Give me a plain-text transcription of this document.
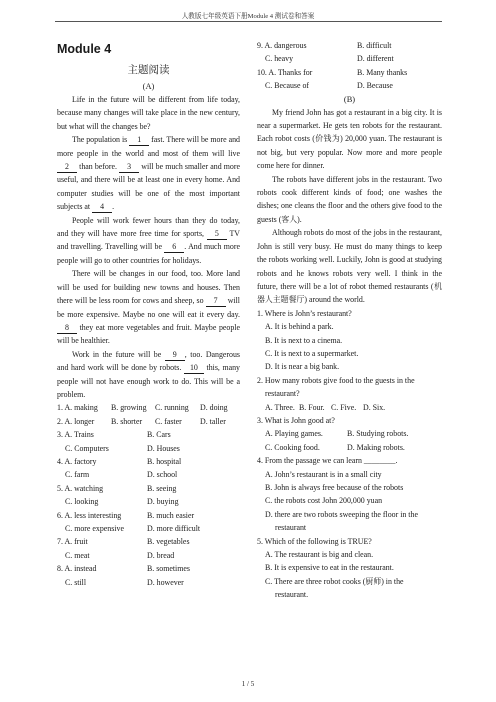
人教版七年级英语下册Module 4 测试卷和答案
Module 4
主题阅读
(A)

Life in the future will be different from life today, because many changes will take place in the new century, but what will the changes be?

The population is 1 fast. There will be more and more people in the world and most of them will live 2 than before. 3 will be much smaller and more useful, and there will be at least one in every home. And computer studies will be one of the most important subjects at 4 .

People will work fewer hours than they do today, and they will have more free time for sports, 5 TV and travelling. Travelling will be 6 . And much more people will go to other countries for holidays.

There will be changes in our food, too. More land will be used for building new towns and houses. Then there will be less room for cows and sheep, so 7 will be more expensive. Maybe no one will eat it every day. 8 they eat more vegetables and fruit. Maybe people will be healthier.

Work in the future will be 9 , too. Dangerous and hard work will be done by robots. 10 this, many people will not have enough work to do. This will be a problem.

1. A. making	B. growing	C. running	D. doing
2. A. longer	B. shorter	C. faster	D. taller
3. A. Trains	B. Cars
C. Computers	D. Houses
4. A. factory	B. hospital
C. farm	D. school
5. A. watching	B. seeing
C. looking	D. buying
6. A. less interesting	B. much easier
C. more expensive	D. more difficult
7. A. fruit	B. vegetables
C. meat	D. bread
8. A. instead	B. sometimes
C. still	D. however
9. A. dangerous	B. difficult
C. heavy	D. different
10. A. Thanks for	B. Many thanks
C. Because of	D. Because
(B)

My friend John has got a restaurant in a big city. It is near a supermarket. He gets ten robots for the restaurant. Each robot costs (价钱为) 20,000 yuan. The restaurant is not big, but very popular. Now more and more people come here for dinner.

The robots have different jobs in the restaurant. Two robots cook different kinds of food; one washes the dishes; one cleans the floor and the others give food to the guests (客人).

Although robots do most of the jobs in the restaurant, John is still very busy. He must do many things to keep the robots working well. Luckily, John is good at studying robots and he knows robots very well. I think in the future, there will be a lot of robot themed restaurants (机器人主题餐厅) around the world.

1. Where is John’s restaurant?

A. It is behind a park.

B. It is next to a cinema.

C. It is next to a supermarket.

D. It is near a big bank.

2. How many robots give food to the guests in the

restaurant?

A. Three. B. Four. C. Five. D. Six.

3. What is John good at?

A. Playing games.	B. Studying robots.
C. Cooking food.	D. Making robots.

4. From the passage we can learn ________.

A. John’s restaurant is in a small city

B. John is always free because of the robots

C. the robots cost John 200,000 yuan

D. there are two robots sweeping the floor in the

restaurant

5. Which of the following is TRUE?

A. The restaurant is big and clean.

B. It is expensive to eat in the restaurant.

C. There are three robot cooks (厨师) in the

restaurant.

1 / 5
